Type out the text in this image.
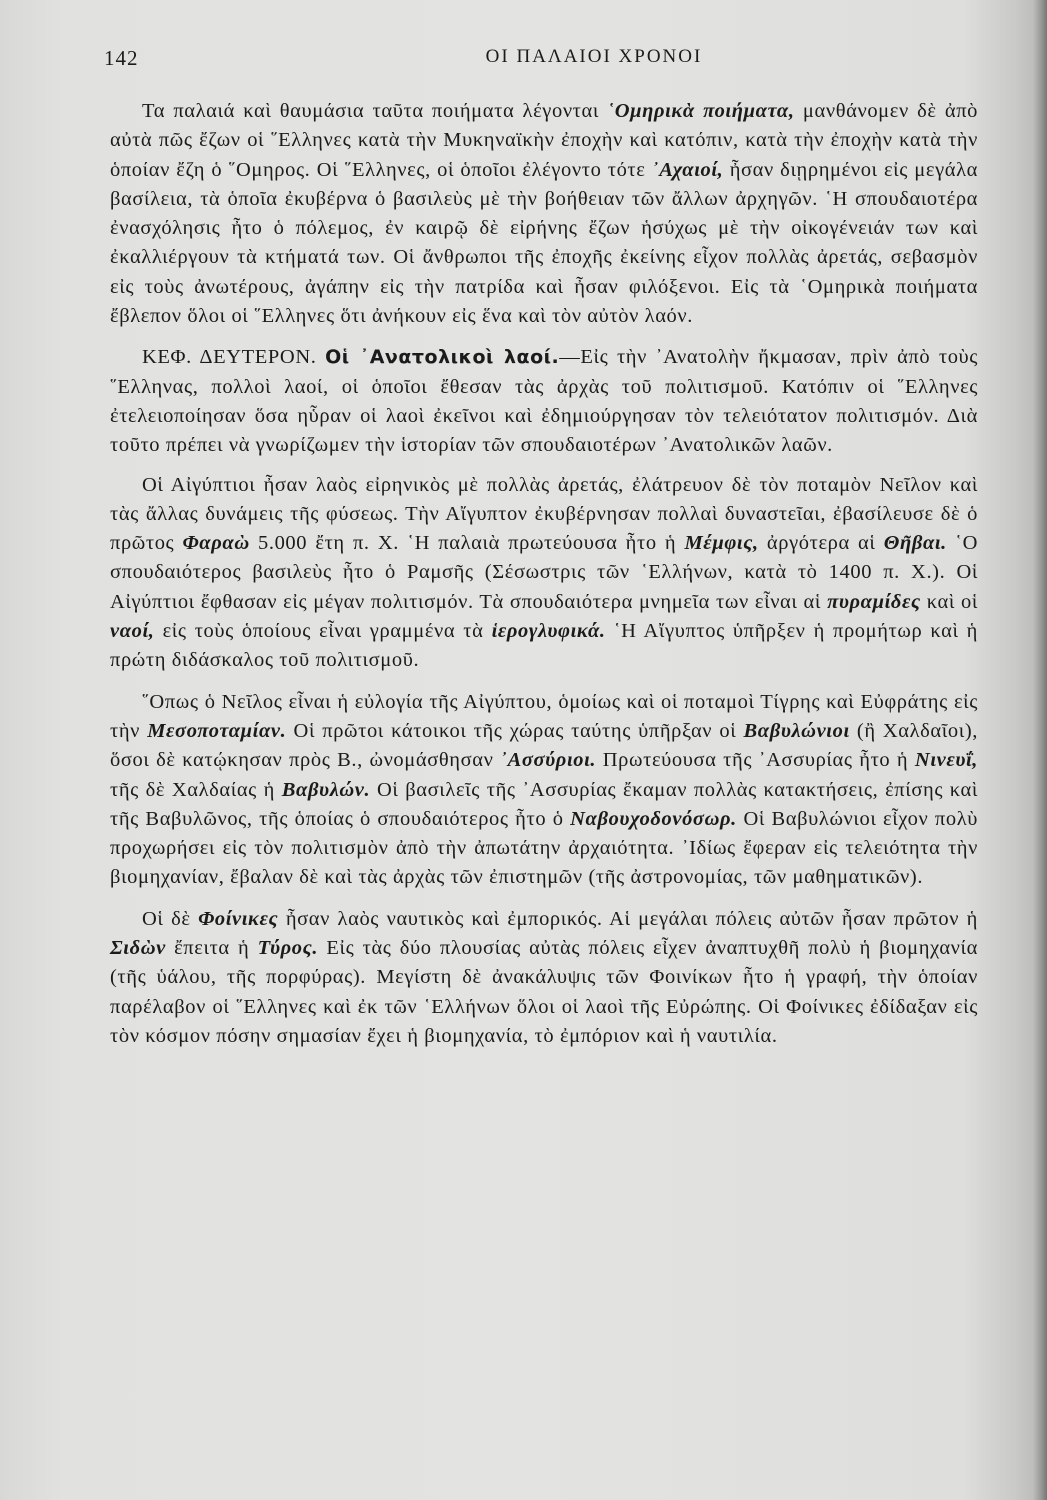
142	ΟΙ ΠΑΛΑΙΟΙ ΧΡΟΝΟΙ

Τα παλαιά καὶ θαυμάσια ταῦτα ποιήματα λέγονται ῾Ομηρικὰ ποιήματα, μανθάνομεν δὲ ἀπὸ αὐτὰ πῶς ἔζων οἱ ῞Ελληνες κατὰ τὴν Μυκηναϊκὴν ἐποχὴν καὶ κατόπιν, κατὰ τὴν ἐποχὴν κατὰ τὴν ὁποίαν ἔζη ὁ ῞Ομηρος. Οἱ ῞Ελληνες, οἱ ὁποῖοι ἐλέγοντο τότε ᾿Αχαιοί, ἦσαν διῃρημένοι εἰς μεγάλα βασίλεια, τὰ ὁποῖα ἐκυβέρνα ὁ βασιλεὺς μὲ τὴν βοήθειαν τῶν ἄλλων ἀρχηγῶν. ῾Η σπουδαιοτέρα ἐνασχόλησις ἦτο ὁ πόλεμος, ἐν καιρῷ δὲ εἰρήνης ἔζων ἡσύχως μὲ τὴν οἰκογένειάν των καὶ ἐκαλλιέργουν τὰ κτήματά των. Οἱ ἄνθρωποι τῆς ἐποχῆς ἐκείνης εἶχον πολλὰς ἀρετάς, σεβασμὸν εἰς τοὺς ἀνωτέρους, ἀγάπην εἰς τὴν πατρίδα καὶ ἦσαν φιλόξενοι. Εἰς τὰ ῾Ομηρικὰ ποιήματα ἔβλεπον ὅλοι οἱ ῞Ελληνες ὅτι ἀνήκουν εἰς ἕνα καὶ τὸν αὐτὸν λαόν.

ΚΕΦ. ΔΕΥΤΕΡΟΝ. Οἱ ᾿Ανατολικοὶ λαοί.—Εἰς τὴν ᾿Ανατολὴν ἤκμασαν, πρὶν ἀπὸ τοὺς ῞Ελληνας, πολλοὶ λαοί, οἱ ὁποῖοι ἔθεσαν τὰς ἀρχὰς τοῦ πολιτισμοῦ. Κατόπιν οἱ ῞Ελληνες ἐτελειοποίησαν ὅσα ηὗραν οἱ λαοὶ ἐκεῖνοι καὶ ἐδημιούργησαν τὸν τελειότατον πολιτισμόν. Διὰ τοῦτο πρέπει νὰ γνωρίζωμεν τὴν ἱστορίαν τῶν σπουδαιοτέρων ᾿Ανατολικῶν λαῶν.

Οἱ Αἰγύπτιοι ἦσαν λαὸς εἰρηνικὸς μὲ πολλὰς ἀρετάς, ἐλάτρευον δὲ τὸν ποταμὸν Νεῖλον καὶ τὰς ἄλλας δυνάμεις τῆς φύσεως. Τὴν Αἴγυπτον ἐκυβέρνησαν πολλαὶ δυναστεῖαι, ἐβασίλευσε δὲ ὁ πρῶτος Φαραὼ 5.000 ἔτη π. Χ. ῾Η παλαιὰ πρωτεύουσα ἦτο ἡ Μέμφις, ἀργότερα αἱ Θῆβαι. ῾Ο σπουδαιότερος βασιλεὺς ἦτο ὁ Ραμσῆς (Σέσωστρις τῶν ῾Ελλήνων, κατὰ τὸ 1400 π. Χ.). Οἱ Αἰγύπτιοι ἔφθασαν εἰς μέγαν πολιτισμόν. Τὰ σπουδαιότερα μνημεῖα των εἶναι αἱ πυραμίδες καὶ οἱ ναοί, εἰς τοὺς ὁποίους εἶναι γραμμένα τὰ ἱερογλυφικά. ῾Η Αἴγυπτος ὑπῆρξεν ἡ προμήτωρ καὶ ἡ πρώτη διδάσκαλος τοῦ πολιτισμοῦ.

῞Οπως ὁ Νεῖλος εἶναι ἡ εὐλογία τῆς Αἰγύπτου, ὁμοίως καὶ οἱ ποταμοὶ Τίγρης καὶ Εὐφράτης εἰς τὴν Μεσοποταμίαν. Οἱ πρῶτοι κάτοικοι τῆς χώρας ταύτης ὑπῆρξαν οἱ Βαβυλώνιοι (ἢ Χαλδαῖοι), ὅσοι δὲ κατῴκησαν πρὸς Β., ὠνομάσθησαν ᾿Ασσύριοι. Πρωτεύουσα τῆς ᾿Ασσυρίας ἦτο ἡ Νινευΐ, τῆς δὲ Χαλδαίας ἡ Βαβυλών. Οἱ βασιλεῖς τῆς ᾿Ασσυρίας ἔκαμαν πολλὰς κατακτήσεις, ἐπίσης καὶ τῆς Βαβυλῶνος, τῆς ὁποίας ὁ σπουδαιότερος ἦτο ὁ Ναβουχοδονόσωρ. Οἱ Βαβυλώνιοι εἶχον πολὺ προχωρήσει εἰς τὸν πολιτισμὸν ἀπὸ τὴν ἀπωτάτην ἀρχαιότητα. ᾿Ιδίως ἔφεραν εἰς τελειότητα τὴν βιομηχανίαν, ἔβαλαν δὲ καὶ τὰς ἀρχὰς τῶν ἐπιστημῶν (τῆς ἀστρονομίας, τῶν μαθηματικῶν).

Οἱ δὲ Φοίνικες ἦσαν λαὸς ναυτικὸς καὶ ἐμπορικός. Αἱ μεγάλαι πόλεις αὐτῶν ἦσαν πρῶτον ἡ Σιδὼν ἔπειτα ἡ Τύρος. Εἰς τὰς δύο πλουσίας αὐτὰς πόλεις εἶχεν ἀναπτυχθῆ πολὺ ἡ βιομηχανία (τῆς ὑάλου, τῆς πορφύρας). Μεγίστη δὲ ἀνακάλυψις τῶν Φοινίκων ἦτο ἡ γραφή, τὴν ὁποίαν παρέλαβον οἱ ῞Ελληνες καὶ ἐκ τῶν ῾Ελλήνων ὅλοι οἱ λαοὶ τῆς Εὐρώπης. Οἱ Φοίνικες ἐδίδαξαν εἰς τὸν κόσμον πόσην σημασίαν ἔχει ἡ βιομηχανία, τὸ ἐμπόριον καὶ ἡ ναυτιλία.
